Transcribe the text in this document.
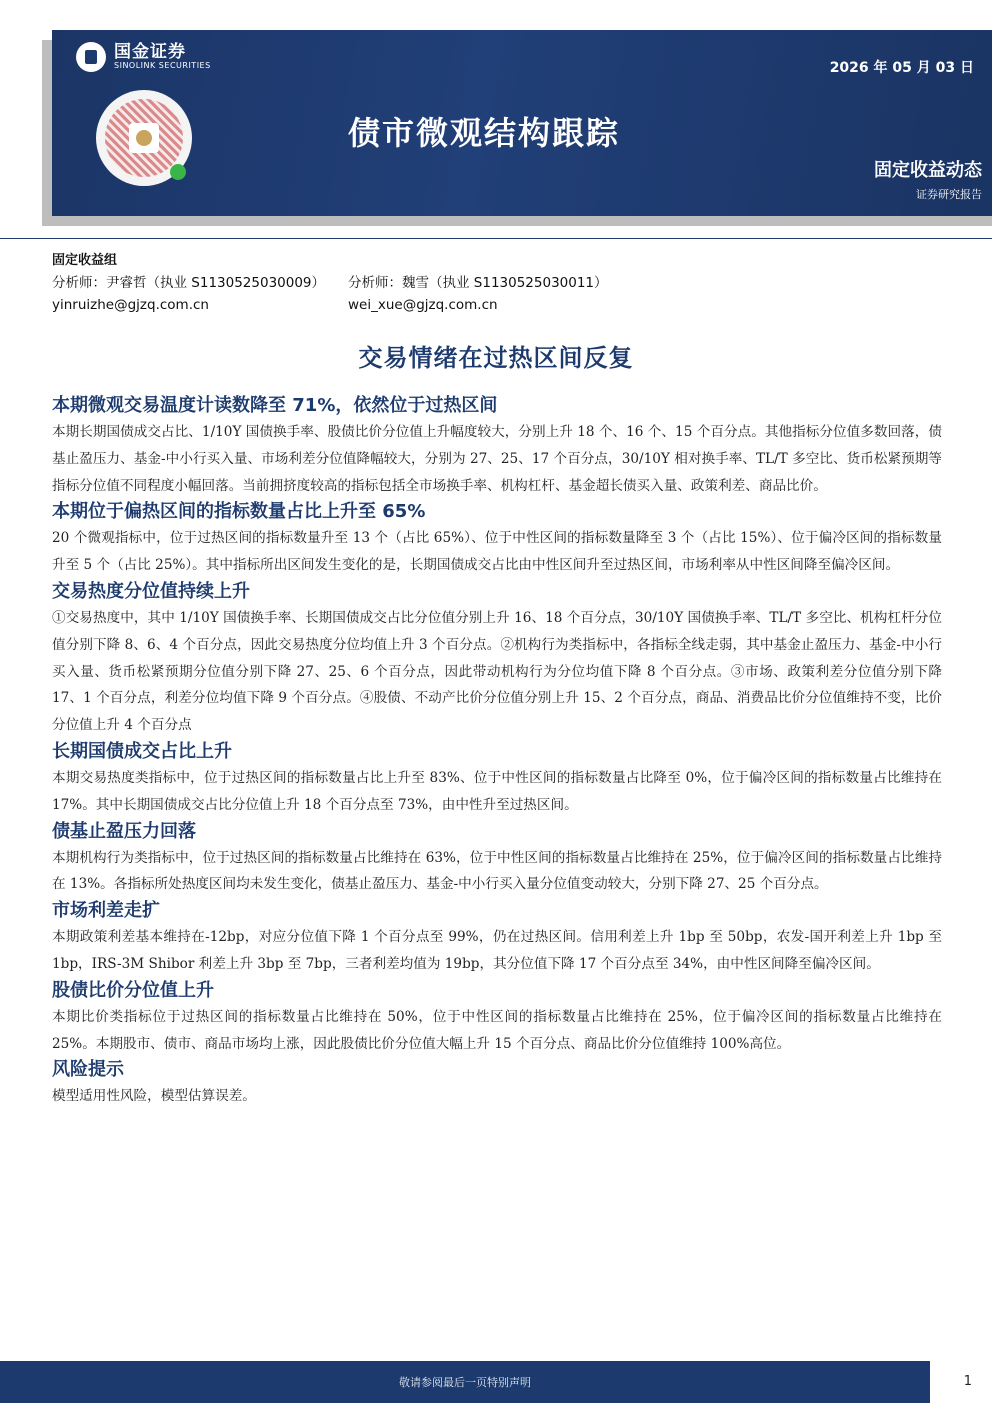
国金证券
SINOLINK SECURITIES
债市微观结构跟踪
2026 年 05 月 03 日
固定收益动态
证券研究报告
固定收益组
分析师：尹睿哲（执业 S1130525030009）	分析师：魏雪（执业 S1130525030011）
yinruizhe@gjzq.com.cn	wei_xue@gjzq.com.cn
交易情绪在过热区间反复
本期微观交易温度计读数降至 71%，依然位于过热区间
本期长期国债成交占比、1/10Y 国债换手率、股债比价分位值上升幅度较大，分别上升 18 个、16 个、15 个百分点。其他指标分位值多数回落，债基止盈压力、基金-中小行买入量、市场利差分位值降幅较大，分别为 27、25、17 个百分点，30/10Y 相对换手率、TL/T 多空比、货币松紧预期等指标分位值不同程度小幅回落。当前拥挤度较高的指标包括全市场换手率、机构杠杆、基金超长债买入量、政策利差、商品比价。
本期位于偏热区间的指标数量占比上升至 65%
20 个微观指标中，位于过热区间的指标数量升至 13 个（占比 65%）、位于中性区间的指标数量降至 3 个（占比 15%）、位于偏冷区间的指标数量升至 5 个（占比 25%）。其中指标所出区间发生变化的是，长期国债成交占比由中性区间升至过热区间，市场利率从中性区间降至偏冷区间。
交易热度分位值持续上升
①交易热度中，其中 1/10Y 国债换手率、长期国债成交占比分位值分别上升 16、18 个百分点，30/10Y 国债换手率、TL/T 多空比、机构杠杆分位值分别下降 8、6、4 个百分点，因此交易热度分位均值上升 3 个百分点。②机构行为类指标中，各指标全线走弱，其中基金止盈压力、基金-中小行买入量、货币松紧预期分位值分别下降 27、25、6 个百分点，因此带动机构行为分位均值下降 8 个百分点。③市场、政策利差分位值分别下降 17、1 个百分点，利差分位均值下降 9 个百分点。④股债、不动产比价分位值分别上升 15、2 个百分点，商品、消费品比价分位值维持不变，比价分位值上升 4 个百分点
长期国债成交占比上升
本期交易热度类指标中，位于过热区间的指标数量占比上升至 83%、位于中性区间的指标数量占比降至 0%，位于偏冷区间的指标数量占比维持在 17%。其中长期国债成交占比分位值上升 18 个百分点至 73%，由中性升至过热区间。
债基止盈压力回落
本期机构行为类指标中，位于过热区间的指标数量占比维持在 63%，位于中性区间的指标数量占比维持在 25%，位于偏冷区间的指标数量占比维持在 13%。各指标所处热度区间均未发生变化，债基止盈压力、基金-中小行买入量分位值变动较大，分别下降 27、25 个百分点。
市场利差走扩
本期政策利差基本维持在-12bp，对应分位值下降 1 个百分点至 99%，仍在过热区间。信用利差上升 1bp 至 50bp，农发-国开利差上升 1bp 至 1bp，IRS-3M Shibor 利差上升 3bp 至 7bp，三者利差均值为 19bp，其分位值下降 17 个百分点至 34%，由中性区间降至偏冷区间。
股债比价分位值上升
本期比价类指标位于过热区间的指标数量占比维持在 50%，位于中性区间的指标数量占比维持在 25%，位于偏冷区间的指标数量占比维持在 25%。本期股市、债市、商品市场均上涨，因此股债比价分位值大幅上升 15 个百分点、商品比价分位值维持 100%高位。
风险提示
模型适用性风险，模型估算误差。
敬请参阅最后一页特别声明	1
